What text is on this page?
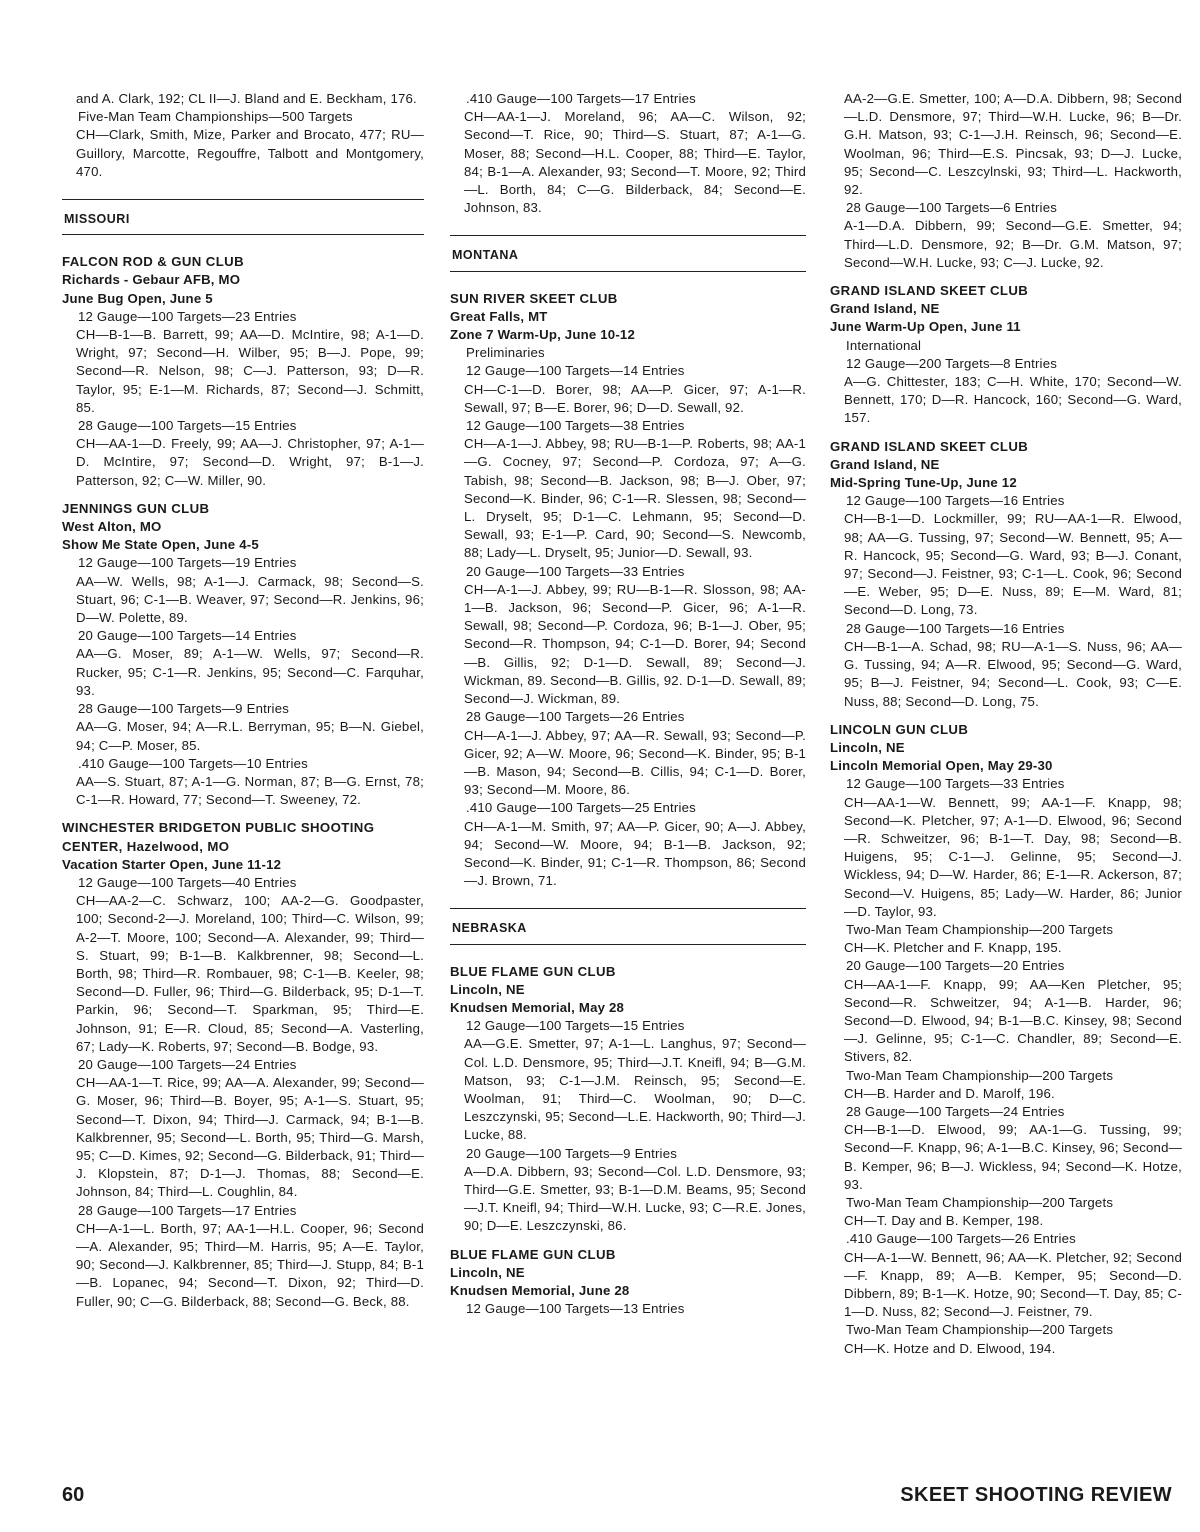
and A. Clark, 192; CL II—J. Bland and E. Beckham, 176.
Five-Man Team Championships—500 Targets
CH—Clark, Smith, Mize, Parker and Brocato, 477; RU—Guillory, Marcotte, Regouffre, Talbott and Montgomery, 470.
MISSOURI
FALCON ROD & GUN CLUB
Richards - Gebaur AFB, MO
June Bug Open, June 5
12 Gauge—100 Targets—23 Entries
CH—B-1—B. Barrett, 99; AA—D. McIntire, 98; A-1—D. Wright, 97; Second—H. Wilber, 95; B—J. Pope, 99; Second—R. Nelson, 98; C—J. Patterson, 93; D—R. Taylor, 95; E-1—M. Richards, 87; Second—J. Schmitt, 85.
28 Gauge—100 Targets—15 Entries
CH—AA-1—D. Freely, 99; AA—J. Christopher, 97; A-1—D. McIntire, 97; Second—D. Wright, 97; B-1—J. Patterson, 92; C—W. Miller, 90.
JENNINGS GUN CLUB
West Alton, MO
Show Me State Open, June 4-5
12 Gauge—100 Targets—19 Entries
AA—W. Wells, 98; A-1—J. Carmack, 98; Second—S. Stuart, 96; C-1—B. Weaver, 97; Second—R. Jenkins, 96; D—W. Polette, 89.
20 Gauge—100 Targets—14 Entries
AA—G. Moser, 89; A-1—W. Wells, 97; Second—R. Rucker, 95; C-1—R. Jenkins, 95; Second—C. Farquhar, 93.
28 Gauge—100 Targets—9 Entries
AA—G. Moser, 94; A—R.L. Berryman, 95; B—N. Giebel, 94; C—P. Moser, 85.
.410 Gauge—100 Targets—10 Entries
AA—S. Stuart, 87; A-1—G. Norman, 87; B—G. Ernst, 78; C-1—R. Howard, 77; Second—T. Sweeney, 72.
WINCHESTER BRIDGETON PUBLIC SHOOTING CENTER, Hazelwood, MO
Vacation Starter Open, June 11-12
12 Gauge—100 Targets—40 Entries
CH—AA-2—C. Schwarz, 100; AA-2—G. Goodpaster, 100; Second-2—J. Moreland, 100; Third—C. Wilson, 99; A-2—T. Moore, 100; Second—A. Alexander, 99; Third—S. Stuart, 99; B-1—B. Kalkbrenner, 98; Second—L. Borth, 98; Third—R. Rombauer, 98; C-1—B. Keeler, 98; Second—D. Fuller, 96; Third—G. Bilderback, 95; D-1—T. Parkin, 96; Second—T. Sparkman, 95; Third—E. Johnson, 91; E—R. Cloud, 85; Second—A. Vasterling, 67; Lady—K. Roberts, 97; Second—B. Bodge, 93.
20 Gauge—100 Targets—24 Entries
CH—AA-1—T. Rice, 99; AA—A. Alexander, 99; Second—G. Moser, 96; Third—B. Boyer, 95; A-1—S. Stuart, 95; Second—T. Dixon, 94; Third—J. Carmack, 94; B-1—B. Kalkbrenner, 95; Second—L. Borth, 95; Third—G. Marsh, 95; C—D. Kimes, 92; Second—G. Bilderback, 91; Third—J. Klopstein, 87; D-1—J. Thomas, 88; Second—E. Johnson, 84; Third—L. Coughlin, 84.
28 Gauge—100 Targets—17 Entries
CH—A-1—L. Borth, 97; AA-1—H.L. Cooper, 96; Second—A. Alexander, 95; Third—M. Harris, 95; A—E. Taylor, 90; Second—J. Kalkbrenner, 85; Third—J. Stupp, 84; B-1—B. Lopanec, 94; Second—T. Dixon, 92; Third—D. Fuller, 90; C—G. Bilderback, 88; Second—G. Beck, 88.
.410 Gauge—100 Targets—17 Entries
CH—AA-1—J. Moreland, 96; AA—C. Wilson, 92; Second—T. Rice, 90; Third—S. Stuart, 87; A-1—G. Moser, 88; Second—H.L. Cooper, 88; Third—E. Taylor, 84; B-1—A. Alexander, 93; Second—T. Moore, 92; Third—L. Borth, 84; C—G. Bilderback, 84; Second—E. Johnson, 83.
MONTANA
SUN RIVER SKEET CLUB
Great Falls, MT
Zone 7 Warm-Up, June 10-12
Preliminaries
12 Gauge—100 Targets—14 Entries
CH—C-1—D. Borer, 98; AA—P. Gicer, 97; A-1—R. Sewall, 97; B—E. Borer, 96; D—D. Sewall, 92.
12 Gauge—100 Targets—38 Entries
CH—A-1—J. Abbey, 98; RU—B-1—P. Roberts, 98; AA-1—G. Cocney, 97; Second—P. Cordoza, 97; A—G. Tabish, 98; Second—B. Jackson, 98; B—J. Ober, 97; Second—K. Binder, 96; C-1—R. Slessen, 98; Second—L. Dryselt, 95; D-1—C. Lehmann, 95; Second—D. Sewall, 93; E-1—P. Card, 90; Second—S. Newcomb, 88; Lady—L. Dryselt, 95; Junior—D. Sewall, 93.
20 Gauge—100 Targets—33 Entries
CH—A-1—J. Abbey, 99; RU—B-1—R. Slosson, 98; AA-1—B. Jackson, 96; Second—P. Gicer, 96; A-1—R. Sewall, 98; Second—P. Cordoza, 96; B-1—J. Ober, 95; Second—R. Thompson, 94; C-1—D. Borer, 94; Second—B. Gillis, 92; D-1—D. Sewall, 89; Second—J. Wickman, 89. Second—B. Gillis, 92. D-1—D. Sewall, 89; Second—J. Wickman, 89.
28 Gauge—100 Targets—26 Entries
CH—A-1—J. Abbey, 97; AA—R. Sewall, 93; Second—P. Gicer, 92; A—W. Moore, 96; Second—K. Binder, 95; B-1—B. Mason, 94; Second—B. Cillis, 94; C-1—D. Borer, 93; Second—M. Moore, 86.
.410 Gauge—100 Targets—25 Entries
CH—A-1—M. Smith, 97; AA—P. Gicer, 90; A—J. Abbey, 94; Second—W. Moore, 94; B-1—B. Jackson, 92; Second—K. Binder, 91; C-1—R. Thompson, 86; Second—J. Brown, 71.
NEBRASKA
BLUE FLAME GUN CLUB
Lincoln, NE
Knudsen Memorial, May 28
12 Gauge—100 Targets—15 Entries
AA—G.E. Smetter, 97; A-1—L. Langhus, 97; Second—Col. L.D. Densmore, 95; Third—J.T. Kneifl, 94; B—G.M. Matson, 93; C-1—J.M. Reinsch, 95; Second—E. Woolman, 91; Third—C. Woolman, 90; D—C. Leszczynski, 95; Second—L.E. Hackworth, 90; Third—J. Lucke, 88.
20 Gauge—100 Targets—9 Entries
A—D.A. Dibbern, 93; Second—Col. L.D. Densmore, 93; Third—G.E. Smetter, 93; B-1—D.M. Beams, 95; Second—J.T. Kneifl, 94; Third—W.H. Lucke, 93; C—R.E. Jones, 90; D—E. Leszczynski, 86.
BLUE FLAME GUN CLUB
Lincoln, NE
Knudsen Memorial, June 28
12 Gauge—100 Targets—13 Entries
AA-2—G.E. Smetter, 100; A—D.A. Dibbern, 98; Second—L.D. Densmore, 97; Third—W.H. Lucke, 96; B—Dr. G.H. Matson, 93; C-1—J.H. Reinsch, 96; Second—E. Woolman, 96; Third—E.S. Pincsak, 93; D—J. Lucke, 95; Second—C. Leszcylnski, 93; Third—L. Hackworth, 92.
28 Gauge—100 Targets—6 Entries
A-1—D.A. Dibbern, 99; Second—G.E. Smetter, 94; Third—L.D. Densmore, 92; B—Dr. G.M. Matson, 97; Second—W.H. Lucke, 93; C—J. Lucke, 92.
GRAND ISLAND SKEET CLUB
Grand Island, NE
June Warm-Up Open, June 11
International
12 Gauge—200 Targets—8 Entries
A—G. Chittester, 183; C—H. White, 170; Second—W. Bennett, 170; D—R. Hancock, 160; Second—G. Ward, 157.
GRAND ISLAND SKEET CLUB
Grand Island, NE
Mid-Spring Tune-Up, June 12
12 Gauge—100 Targets—16 Entries
CH—B-1—D. Lockmiller, 99; RU—AA-1—R. Elwood, 98; AA—G. Tussing, 97; Second—W. Bennett, 95; A—R. Hancock, 95; Second—G. Ward, 93; B—J. Conant, 97; Second—J. Feistner, 93; C-1—L. Cook, 96; Second—E. Weber, 95; D—E. Nuss, 89; E—M. Ward, 81; Second—D. Long, 73.
28 Gauge—100 Targets—16 Entries
CH—B-1—A. Schad, 98; RU—A-1—S. Nuss, 96; AA—G. Tussing, 94; A—R. Elwood, 95; Second—G. Ward, 95; B—J. Feistner, 94; Second—L. Cook, 93; C—E. Nuss, 88; Second—D. Long, 75.
LINCOLN GUN CLUB
Lincoln, NE
Lincoln Memorial Open, May 29-30
12 Gauge—100 Targets—33 Entries
CH—AA-1—W. Bennett, 99; AA-1—F. Knapp, 98; Second—K. Pletcher, 97; A-1—D. Elwood, 96; Second—R. Schweitzer, 96; B-1—T. Day, 98; Second—B. Huigens, 95; C-1—J. Gelinne, 95; Second—J. Wickless, 94; D—W. Harder, 86; E-1—R. Ackerson, 87; Second—V. Huigens, 85; Lady—W. Harder, 86; Junior—D. Taylor, 93.
Two-Man Team Championship—200 Targets
CH—K. Pletcher and F. Knapp, 195.
20 Gauge—100 Targets—20 Entries
CH—AA-1—F. Knapp, 99; AA—Ken Pletcher, 95; Second—R. Schweitzer, 94; A-1—B. Harder, 96; Second—D. Elwood, 94; B-1—B.C. Kinsey, 98; Second—J. Gelinne, 95; C-1—C. Chandler, 89; Second—E. Stivers, 82.
Two-Man Team Championship—200 Targets
CH—B. Harder and D. Marolf, 196.
28 Gauge—100 Targets—24 Entries
CH—B-1—D. Elwood, 99; AA-1—G. Tussing, 99; Second—F. Knapp, 96; A-1—B.C. Kinsey, 96; Second—B. Kemper, 96; B—J. Wickless, 94; Second—K. Hotze, 93.
Two-Man Team Championship—200 Targets
CH—T. Day and B. Kemper, 198.
.410 Gauge—100 Targets—26 Entries
CH—A-1—W. Bennett, 96; AA—K. Pletcher, 92; Second—F. Knapp, 89; A—B. Kemper, 95; Second—D. Dibbern, 89; B-1—K. Hotze, 90; Second—T. Day, 85; C-1—D. Nuss, 82; Second—J. Feistner, 79.
Two-Man Team Championship—200 Targets
CH—K. Hotze and D. Elwood, 194.
60	SKEET SHOOTING REVIEW
